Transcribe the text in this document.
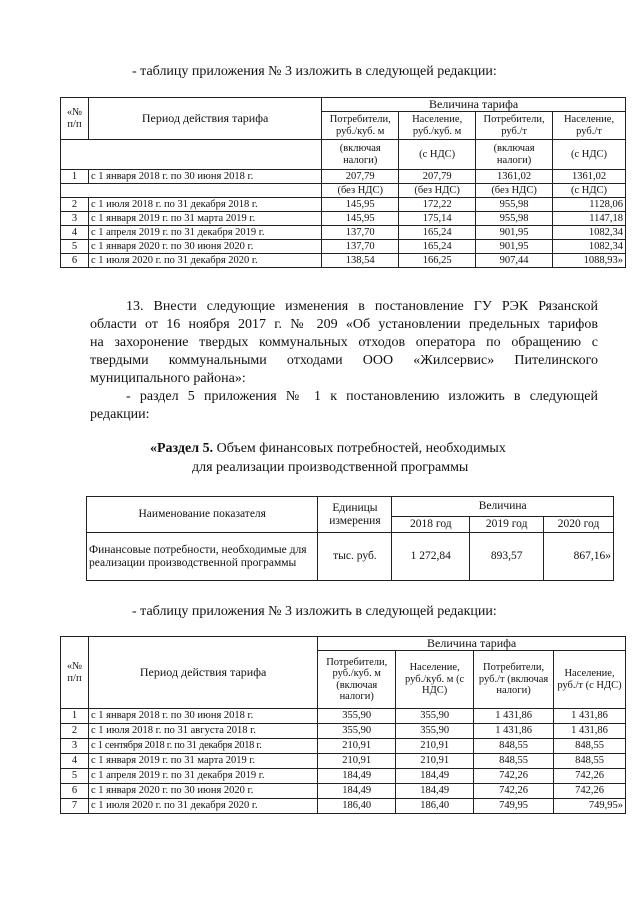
- таблицу приложения № 3 изложить в следующей редакции:
«№ п/п	Период действия тарифа	Величина тарифа			
		Потребители, руб./куб. м	Население, руб./куб. м	Потребители, руб./т	Население, руб./т
		(включая налоги)	(с НДС)	(включая налоги)	(с НДС)
1	с 1 января 2018 г. по 30 июня 2018 г.	207,79	207,79	1361,02	1361,02
		(без НДС)	(без НДС)	(без НДС)	(с НДС)
2	с 1 июля 2018 г. по 31 декабря 2018 г.	145,95	172,22	955,98	1128,06
3	с 1 января 2019 г. по 31 марта 2019 г.	145,95	175,14	955,98	1147,18
4	с 1 апреля 2019 г. по 31 декабря 2019 г.	137,70	165,24	901,95	1082,34
5	с 1 января 2020 г. по 30 июня 2020 г.	137,70	165,24	901,95	1082,34
6	с 1 июля 2020 г. по 31 декабря 2020 г.	138,54	166,25	907,44	1088,93»
13. Внести следующие изменения в постановление ГУ РЭК Рязанской
области от 16 ноября 2017 г. № 209 «Об установлении предельных тарифов
на захоронение твердых коммунальных отходов оператора по обращению с
твердыми коммунальными отходами ООО «Жилсервис» Пителинского
муниципального района»:
- раздел 5 приложения № 1 к постановлению изложить в следующей
редакции:
«Раздел 5. Объем финансовых потребностей, необходимых
для реализации производственной программы
Наименование показателя	Единицы измерения	Величина		
		2018 год	2019 год	2020 год
Финансовые потребности, необходимые для реализации производственной программы	тыс. руб.	1 272,84	893,57	867,16»
- таблицу приложения № 3 изложить в следующей редакции:
«№ п/п	Период действия тарифа	Величина тарифа			
		Потребители, руб./куб. м (включая налоги)	Население, руб./куб. м (с НДС)	Потребители, руб./т (включая налоги)	Население, руб./т (с НДС)
1	с 1 января 2018 г. по 30 июня 2018 г.	355,90	355,90	1 431,86	1 431,86
2	с 1 июля 2018 г. по 31 августа 2018 г.	355,90	355,90	1 431,86	1 431,86
3	с 1 сентября 2018 г. по 31 декабря 2018 г.	210,91	210,91	848,55	848,55
4	с 1 января 2019 г. по 31 марта 2019 г.	210,91	210,91	848,55	848,55
5	с 1 апреля 2019 г. по 31 декабря 2019 г.	184,49	184,49	742,26	742,26
6	с 1 января 2020 г. по 30 июня 2020 г.	184,49	184,49	742,26	742,26
7	с 1 июля 2020 г. по 31 декабря 2020 г.	186,40	186,40	749,95	749,95»
